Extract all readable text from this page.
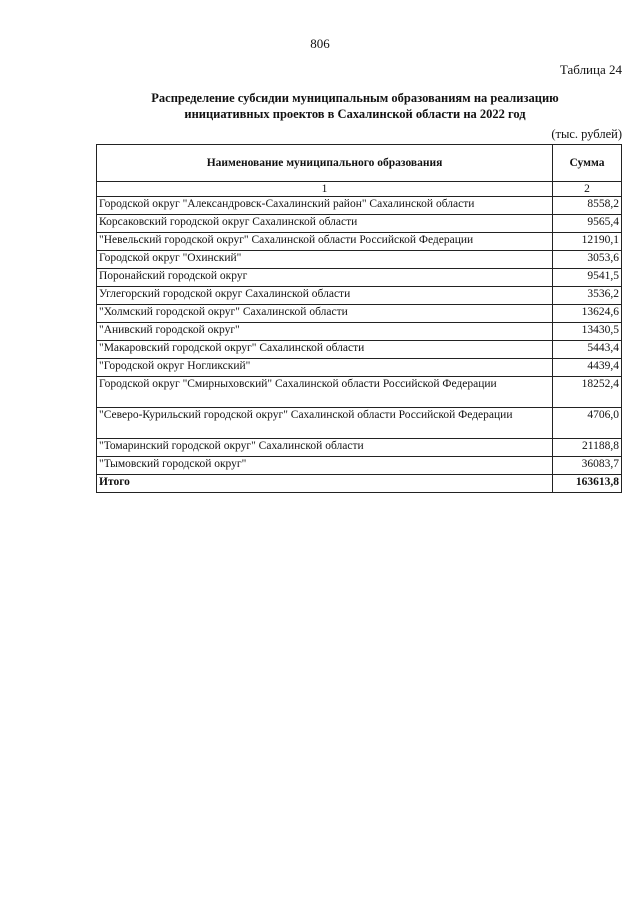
806
Таблица 24
Распределение субсидии муниципальным образованиям на реализацию инициативных проектов в Сахалинской области на 2022 год
(тыс. рублей)
Наименование муниципального образования	Сумма
1	2
Городской округ "Александровск-Сахалинский район" Сахалинской области	8558,2
Корсаковский городской округ Сахалинской области	9565,4
"Невельский городской округ" Сахалинской области Российской Федерации	12190,1
Городской округ "Охинский"	3053,6
Поронайский городской округ	9541,5
Углегорский городской округ Сахалинской области	3536,2
"Холмский городской округ" Сахалинской области	13624,6
"Анивский городской округ"	13430,5
"Макаровский городской округ" Сахалинской области	5443,4
"Городской округ Ногликский"	4439,4
Городской округ "Смирныховский" Сахалинской области Российской Федерации	18252,4
"Северо-Курильский городской округ" Сахалинской области Российской Федерации	4706,0
"Томаринский городской округ" Сахалинской области	21188,8
"Тымовский городской округ"	36083,7
Итого	163613,8
